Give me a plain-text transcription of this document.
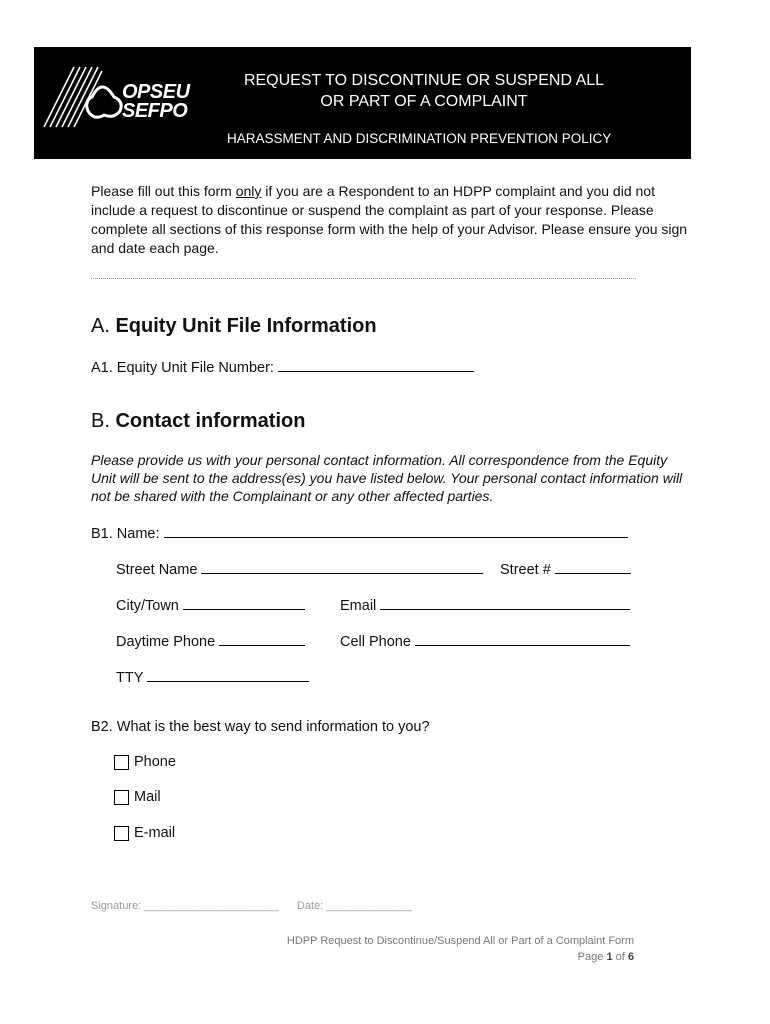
OPSEU
SEFPO
REQUEST TO DISCONTINUE OR SUSPEND ALL
OR PART OF A COMPLAINT
HARASSMENT AND DISCRIMINATION PREVENTION POLICY
Please fill out this form only if you are a Respondent to an HDPP complaint and you did not include a request to discontinue or suspend the complaint as part of your response. Please complete all sections of this response form with the help of your Advisor. Please ensure you sign and date each page.
A. Equity Unit File Information
A1. Equity Unit File Number:
B. Contact information
Please provide us with your personal contact information. All correspondence from the Equity Unit will be sent to the address(es) you have listed below. Your personal contact information will not be shared with the Complainant or any other affected parties.
B1. Name:
Street Name	Street #
City/Town	Email
Daytime Phone	Cell Phone
TTY
B2. What is the best way to send information to you?
Phone
Mail
E-mail
Signature: ______________________ Date: ______________
HDPP Request to Discontinue/Suspend All or Part of a Complaint Form
Page 1 of 6
